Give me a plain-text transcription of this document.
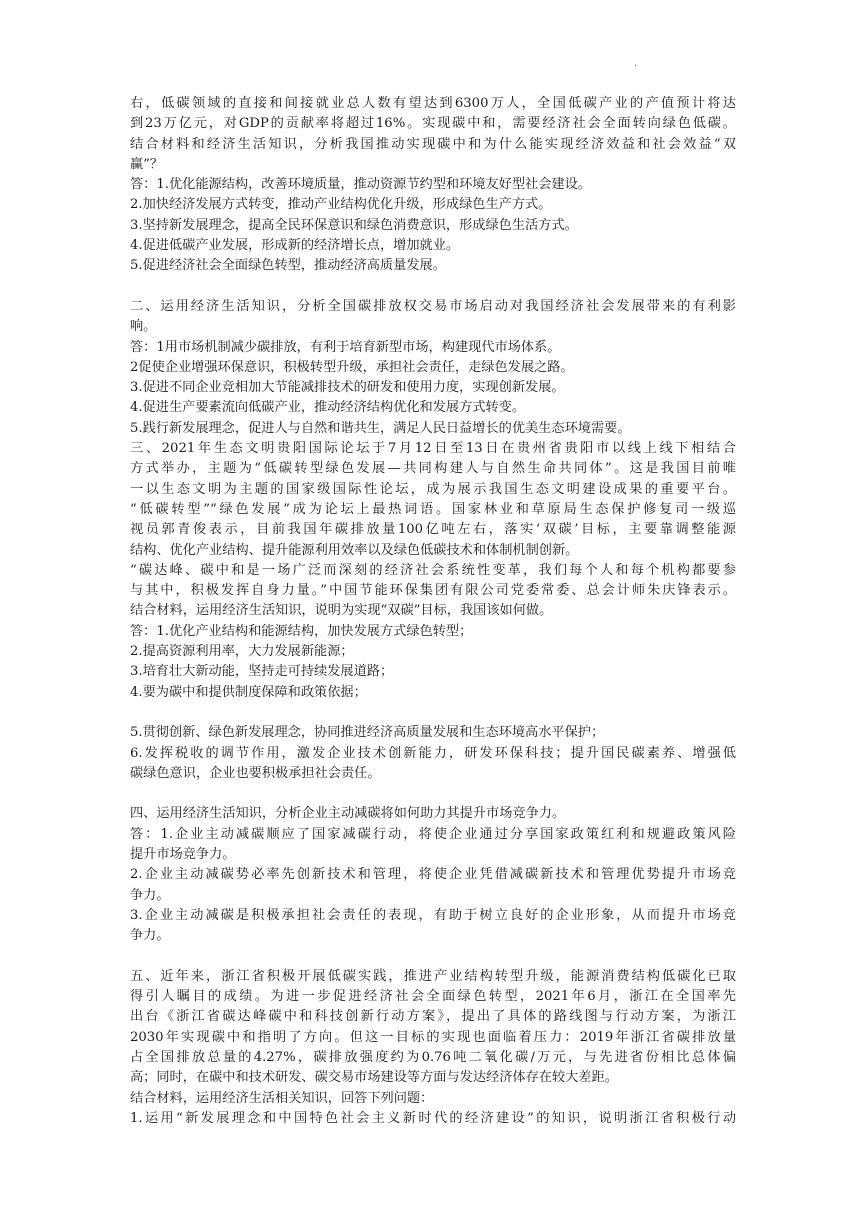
.
右，低碳领域的直接和间接就业总人数有望达到6300万人，全国低碳产业的产值预计将达
到23万亿元，对GDP的贡献率将超过16%。实现碳中和，需要经济社会全面转向绿色低碳。
结合材料和经济生活知识，分析我国推动实现碳中和为什么能实现经济效益和社会效益“双
赢”？
答：1.优化能源结构，改善环境质量，推动资源节约型和环境友好型社会建设。
2.加快经济发展方式转变，推动产业结构优化升级，形成绿色生产方式。
3.坚持新发展理念，提高全民环保意识和绿色消费意识，形成绿色生活方式。
4.促进低碳产业发展，形成新的经济增长点，增加就业。
5.促进经济社会全面绿色转型，推动经济高质量发展。
二、运用经济生活知识，分析全国碳排放权交易市场启动对我国经济社会发展带来的有利影
响。
答：1用市场机制减少碳排放，有利于培育新型市场，构建现代市场体系。
2促使企业增强环保意识，积极转型升级，承担社会责任，走绿色发展之路。
3.促进不同企业竞相加大节能减排技术的研发和使用力度，实现创新发展。
4.促进生产要素流向低碳产业，推动经济结构优化和发展方式转变。
5.践行新发展理念，促进人与自然和谐共生，满足人民日益增长的优美生态环境需要。
三、2021年生态文明贵阳国际论坛于7月12日至13日在贵州省贵阳市以线上线下相结合
方式举办，主题为“低碳转型绿色发展—共同构建人与自然生命共同体”。这是我国目前唯
一以生态文明为主题的国家级国际性论坛，成为展示我国生态文明建设成果的重要平台。
“低碳转型”“绿色发展”成为论坛上最热词语。国家林业和草原局生态保护修复司一级巡
视员郭青俊表示，目前我国年碳排放量100亿吨左右，落实‘双碳’目标，主要靠调整能源
结构、优化产业结构、提升能源利用效率以及绿色低碳技术和体制机制创新。
“碳达峰、碳中和是一场广泛而深刻的经济社会系统性变革，我们每个人和每个机构都要参
与其中，积极发挥自身力量。”中国节能环保集团有限公司党委常委、总会计师朱庆锋表示。
结合材料，运用经济生活知识，说明为实现“双碳”目标，我国该如何做。
答：1.优化产业结构和能源结构，加快发展方式绿色转型；
2.提高资源利用率，大力发展新能源；
3.培育壮大新动能，坚持走可持续发展道路；
4.要为碳中和提供制度保障和政策依据；
5.贯彻创新、绿色新发展理念，协同推进经济高质量发展和生态环境高水平保护；
6.发挥税收的调节作用，激发企业技术创新能力，研发环保科技；提升国民碳素养、增强低
碳绿色意识，企业也要积极承担社会责任。
四、运用经济生活知识，分析企业主动减碳将如何助力其提升市场竞争力。
答：1.企业主动减碳顺应了国家减碳行动，将使企业通过分享国家政策红利和规避政策风险
提升市场竞争力。
2.企业主动减碳势必率先创新技术和管理，将使企业凭借减碳新技术和管理优势提升市场竞
争力。
3.企业主动减碳是积极承担社会责任的表现，有助于树立良好的企业形象，从而提升市场竞
争力。
五、近年来，浙江省积极开展低碳实践，推进产业结构转型升级，能源消费结构低碳化已取
得引人瞩目的成绩。为进一步促进经济社会全面绿色转型，2021年6月，浙江在全国率先
出台《浙江省碳达峰碳中和科技创新行动方案》，提出了具体的路线图与行动方案，为浙江
2030年实现碳中和指明了方向。但这一目标的实现也面临着压力：2019年浙江省碳排放量
占全国排放总量的4.27%，碳排放强度约为0.76吨二氧化碳/万元，与先进省份相比总体偏
高；同时，在碳中和技术研发、碳交易市场建设等方面与发达经济体存在较大差距。
结合材料，运用经济生活相关知识，回答下列问题：
1.运用“新发展理念和中国特色社会主义新时代的经济建设”的知识，说明浙江省积极行动
